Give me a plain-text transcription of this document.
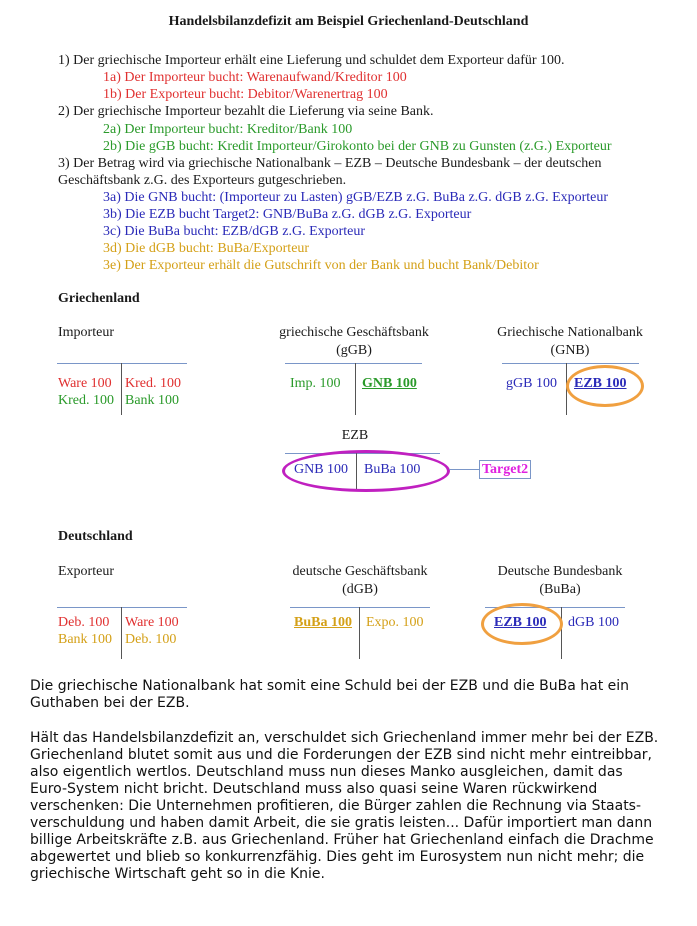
Handelsbilanzdefizit am Beispiel Griechenland-Deutschland
1) Der griechische Importeur erhält eine Lieferung und schuldet dem Exporteur dafür 100.
1a) Der Importeur bucht: Warenaufwand/Kreditor 100
1b) Der Exporteur bucht: Debitor/Warenertrag 100
2) Der griechische Importeur bezahlt die Lieferung via seine Bank.
2a) Der Importeur bucht: Kreditor/Bank 100
2b) Die gGB bucht: Kredit Importeur/Girokonto bei der GNB zu Gunsten (z.G.) Exporteur
3) Der Betrag wird via griechische Nationalbank – EZB – Deutsche Bundesbank – der deutschen
Geschäftsbank z.G. des Exporteurs gutgeschrieben.
3a) Die GNB bucht: (Importeur zu Lasten) gGB/EZB z.G. BuBa z.G. dGB z.G. Exporteur
3b) Die EZB bucht Target2: GNB/BuBa z.G. dGB z.G. Exporteur
3c) Die BuBa bucht: EZB/dGB z.G. Exporteur
3d) Die dGB bucht: BuBa/Exporteur
3e) Der Exporteur erhält die Gutschrift von der Bank und bucht Bank/Debitor
Griechenland
Importeur
Ware 100 Kred. 100
Kred. 100 Bank 100
griechische Geschäftsbank
(gGB)
Imp. 100 GNB 100
Griechische Nationalbank
(GNB)
gGB 100 EZB 100
EZB
GNB 100 BuBa 100	Target2
Deutschland
Exporteur
Deb. 100 Ware 100
Bank 100 Deb. 100
deutsche Geschäftsbank
(dGB)
BuBa 100 Expo. 100
Deutsche Bundesbank
(BuBa)
EZB 100 dGB 100
Die griechische Nationalbank hat somit eine Schuld bei der EZB und die BuBa hat ein
Guthaben bei der EZB.
Hält das Handelsbilanzdefizit an, verschuldet sich Griechenland immer mehr bei der EZB.
Griechenland blutet somit aus und die Forderungen der EZB sind nicht mehr eintreibbar,
also eigentlich wertlos. Deutschland muss nun dieses Manko ausgleichen, damit das
Euro-System nicht bricht. Deutschland muss also quasi seine Waren rückwirkend
verschenken: Die Unternehmen profitieren, die Bürger zahlen die Rechnung via Staats-
verschuldung und haben damit Arbeit, die sie gratis leisten... Dafür importiert man dann
billige Arbeitskräfte z.B. aus Griechenland. Früher hat Griechenland einfach die Drachme
abgewertet und blieb so konkurrenzfähig. Dies geht im Eurosystem nun nicht mehr; die
griechische Wirtschaft geht so in die Knie.
